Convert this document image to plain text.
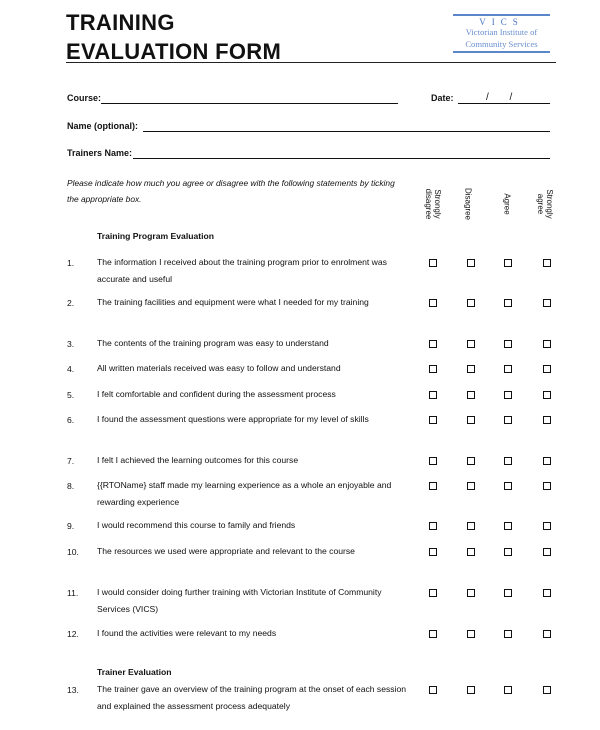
TRAINING
EVALUATION FORM
VICS
Victorian Institute of
Community Services
Course:	Date:	/ /
Name (optional):
Trainers Name:
Please indicate how much you agree or disagree with the following statements by ticking the appropriate box.	Strongly disagree	Disagree	Agree	Strongly agree
Training Program Evaluation
1.	The information I received about the training program prior to enrolment was accurate and useful
2.	The training facilities and equipment were what I needed for my training
3.	The contents of the training program was easy to understand
4.	All written materials received was easy to follow and understand
5.	I felt comfortable and confident during the assessment process
6.	I found the assessment questions were appropriate for my level of skills
7.	I felt I achieved the learning outcomes for this course
8.	{{RTOName} staff made my learning experience as a whole an enjoyable and rewarding experience
9.	I would recommend this course to family and friends
10. The resources we used were appropriate and relevant to the course
11. I would consider doing further training with Victorian Institute of Community Services (VICS)
12. I found the activities were relevant to my needs
Trainer Evaluation
13. The trainer gave an overview of the training program at the onset of each session and explained the assessment process adequately
